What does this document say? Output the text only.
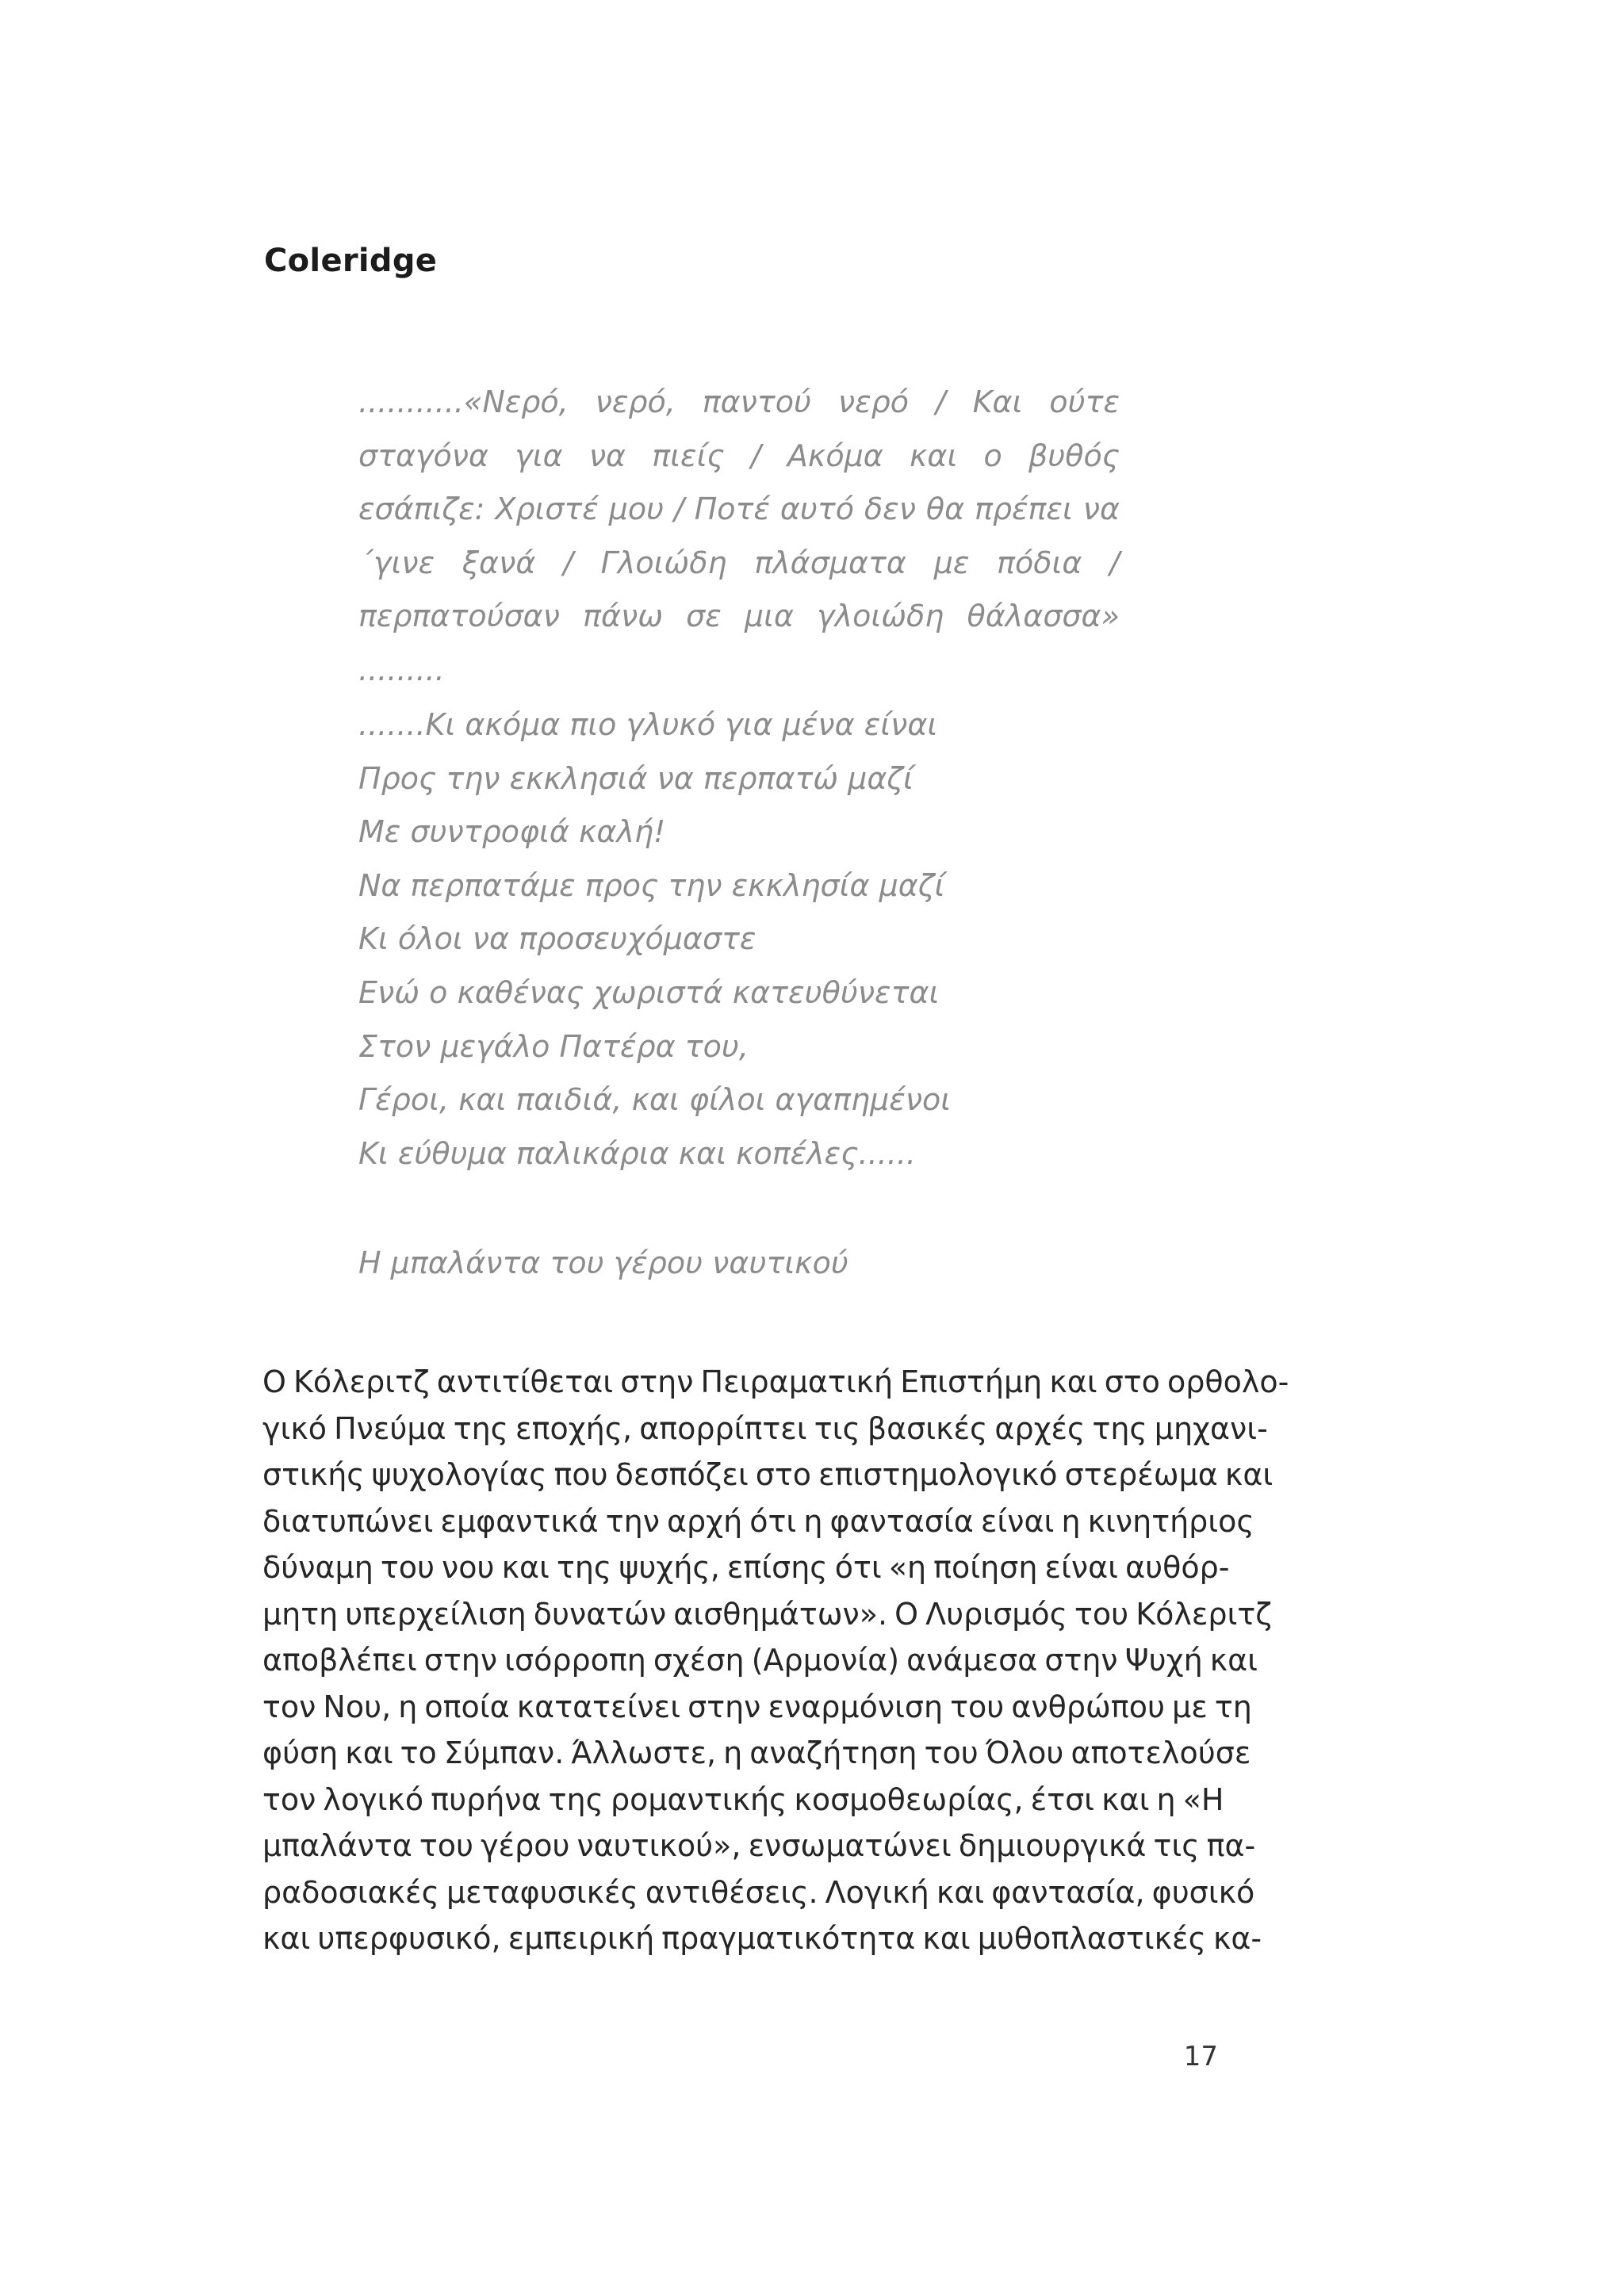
Coleridge

...........«Νερό, νερό, παντού νερό / Και ούτε σταγόνα για να πιείς / Ακόμα και ο βυθός εσάπιζε: Χριστέ μου / Ποτέ αυτό δεν θα πρέπει να ΄γινε ξανά / Γλοιώδη πλάσματα με πόδια / περπατούσαν πάνω σε μια γλοιώδη θάλασσα» .........

.......Κι ακόμα πιο γλυκό για μένα είναι
Προς την εκκλησιά να περπατώ μαζί
Με συντροφιά καλή!
Να περπατάμε προς την εκκλησία μαζί
Κι όλοι να προσευχόμαστε
Ενώ ο καθένας χωριστά κατευθύνεται
Στον μεγάλο Πατέρα του,
Γέροι, και παιδιά, και φίλοι αγαπημένοι
Κι εύθυμα παλικάρια και κοπέλες......

Η μπαλάντα του γέρου ναυτικού

Ο Κόλεριτζ αντιτίθεται στην Πειραματική Επιστήμη και στο ορθολο-
γικό Πνεύμα της εποχής, απορρίπτει τις βασικές αρχές της μηχανι-
στικής ψυχολογίας που δεσπόζει στο επιστημολογικό στερέωμα και
διατυπώνει εμφαντικά την αρχή ότι η φαντασία είναι η κινητήριος
δύναμη του νου και της ψυχής, επίσης ότι «η ποίηση είναι αυθόρ-
μητη υπερχείλιση δυνατών αισθημάτων». Ο Λυρισμός του Κόλεριτζ
αποβλέπει στην ισόρροπη σχέση (Αρμονία) ανάμεσα στην Ψυχή και
τον Νου, η οποία κατατείνει στην εναρμόνιση του ανθρώπου με τη
φύση και το Σύμπαν. Άλλωστε, η αναζήτηση του Όλου αποτελούσε
τον λογικό πυρήνα της ρομαντικής κοσμοθεωρίας, έτσι και η «Η
μπαλάντα του γέρου ναυτικού», ενσωματώνει δημιουργικά τις πα-
ραδοσιακές μεταφυσικές αντιθέσεις. Λογική και φαντασία, φυσικό
και υπερφυσικό, εμπειρική πραγματικότητα και μυθοπλαστικές κα-
17
